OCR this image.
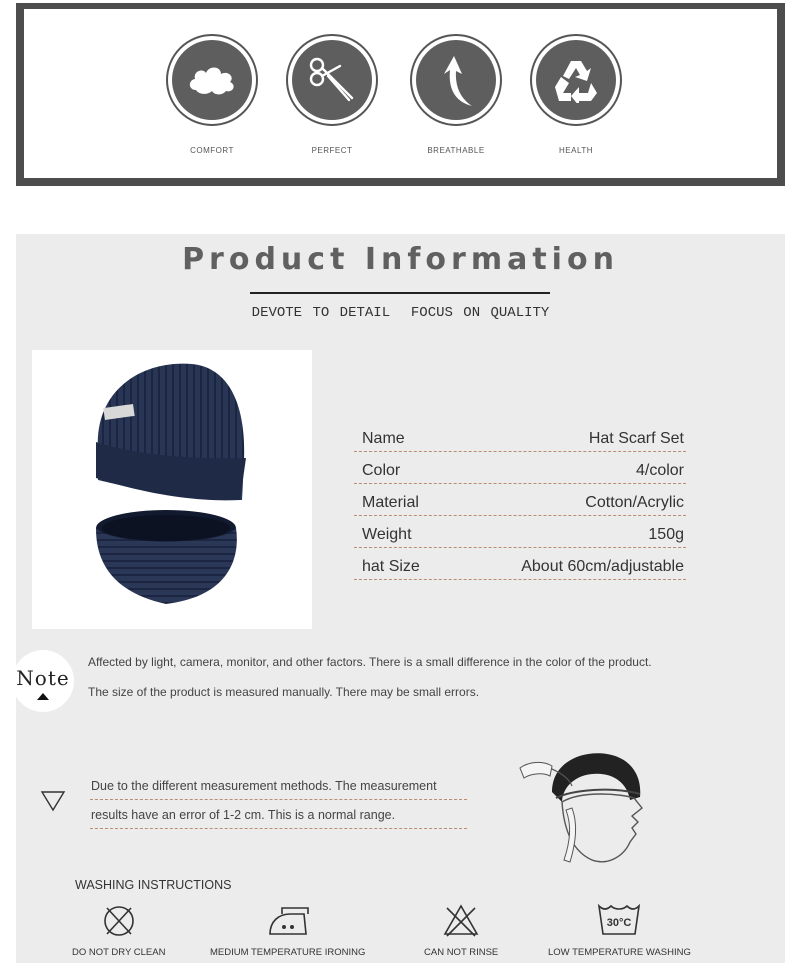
COMFORT	PERFECT	BREATHABLE	HEALTH
Product Information
DEVOTE TO DETAIL  FOCUS ON QUALITY
Name	Hat Scarf Set
Color	4/color
Material	Cotton/Acrylic
Weight	150g
hat Size	About 60cm/adjustable
Note
Affected by light, camera, monitor, and other factors. There is a small difference in the color of the product.
The size of the product is measured manually. There may be small errors.
Due to the different measurement methods. The measurement
results have an error of 1-2 cm. This is a normal range.
WASHING INSTRUCTIONS
DO NOT DRY CLEAN	MEDIUM TEMPERATURE IRONING	CAN NOT RINSE
30°C
LOW TEMPERATURE WASHING
